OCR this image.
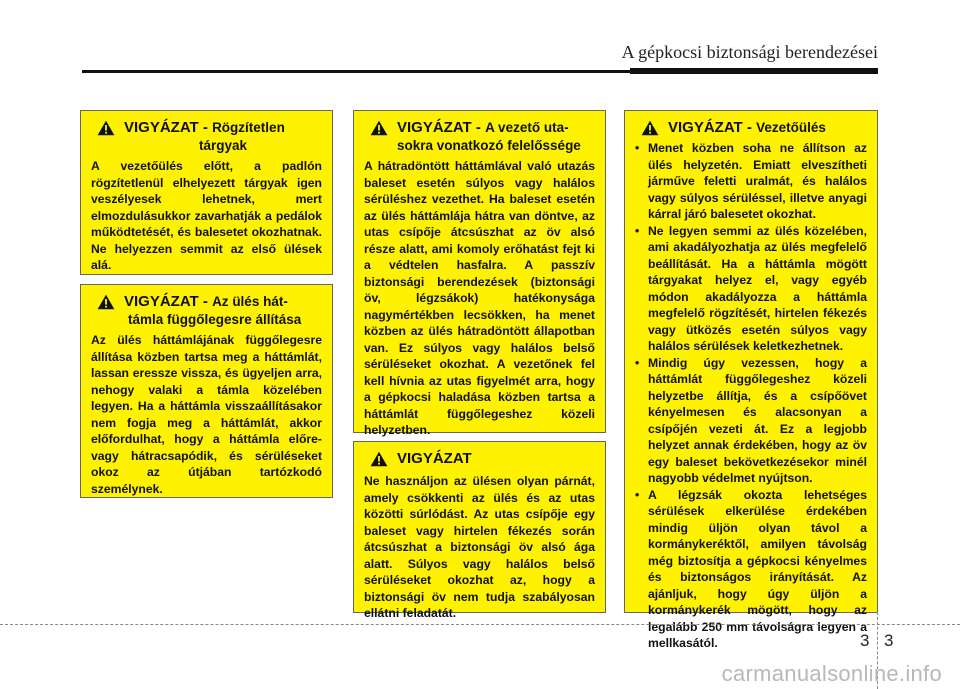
A gépkocsi biztonsági berendezései
VIGYÁZAT - Rögzítetlen
tárgyak
A vezetőülés előtt, a padlón rögzítetlenül elhelyezett tárgyak igen veszélyesek lehetnek, mert elmozdulásukkor zavarhatják a pedálok működtetését, és balesetet okozhatnak. Ne helyezzen semmit az első ülések alá.
VIGYÁZAT - Az ülés hát-
támla függőlegesre állítása
Az ülés háttámlájának függőlegesre állítása közben tartsa meg a háttámlát, lassan eressze vissza, és ügyeljen arra, nehogy valaki a támla közelében legyen. Ha a háttámla visszaállításakor nem fogja meg a háttámlát, akkor előfordulhat, hogy a háttámla előre- vagy hátracsapódik, és sérüléseket okoz az útjában tartózkodó személynek.
VIGYÁZAT - A vezető uta-
sokra vonatkozó felelőssége
A hátradöntött háttámlával való utazás baleset esetén súlyos vagy halálos sérüléshez vezethet. Ha baleset esetén az ülés háttámlája hátra van döntve, az utas csípője átcsúszhat az öv alsó része alatt, ami komoly erőhatást fejt ki a védtelen hasfalra. A passzív biztonsági berendezések (biztonsági öv, légzsákok) hatékonysága nagymértékben lecsökken, ha menet közben az ülés hátradöntött állapotban van. Ez súlyos vagy halálos belső sérüléseket okozhat. A vezetőnek fel kell hívnia az utas figyelmét arra, hogy a gépkocsi haladása közben tartsa a háttámlát függőlegeshez közeli helyzetben.
VIGYÁZAT
Ne használjon az ülésen olyan párnát, amely csökkenti az ülés és az utas közötti súrlódást. Az utas csípője egy baleset vagy hirtelen fékezés során átcsúszhat a biztonsági öv alsó ága alatt. Súlyos vagy halálos belső sérüléseket okozhat az, hogy a biztonsági öv nem tudja szabályosan ellátni feladatát.
VIGYÁZAT - Vezetőülés
• Menet közben soha ne állítson az ülés helyzetén. Emiatt elveszítheti járműve feletti uralmát, és halálos vagy súlyos sérüléssel, illetve anyagi kárral járó balesetet okozhat.
• Ne legyen semmi az ülés közelében, ami akadályozhatja az ülés megfelelő beállítását. Ha a háttámla mögött tárgyakat helyez el, vagy egyéb módon akadályozza a háttámla megfelelő rögzítését, hirtelen fékezés vagy ütközés esetén súlyos vagy halálos sérülések keletkezhetnek.
• Mindig úgy vezessen, hogy a háttámlát függőlegeshez közeli helyzetbe állítja, és a csípőövet kényelmesen és alacsonyan a csípőjén vezeti át. Ez a legjobb helyzet annak érdekében, hogy az öv egy baleset bekövetkezésekor minél nagyobb védelmet nyújtson.
• A légzsák okozta lehetséges sérülések elkerülése érdekében mindig üljön olyan távol a kormánykeréktől, amilyen távolság még biztosítja a gépkocsi kényelmes és biztonságos irányítását. Az ajánljuk, hogy úgy üljön a kormánykerék mögött, hogy az legalább 250 mm távolságra legyen a mellkasától.	3 3
carmanualsonline.info
